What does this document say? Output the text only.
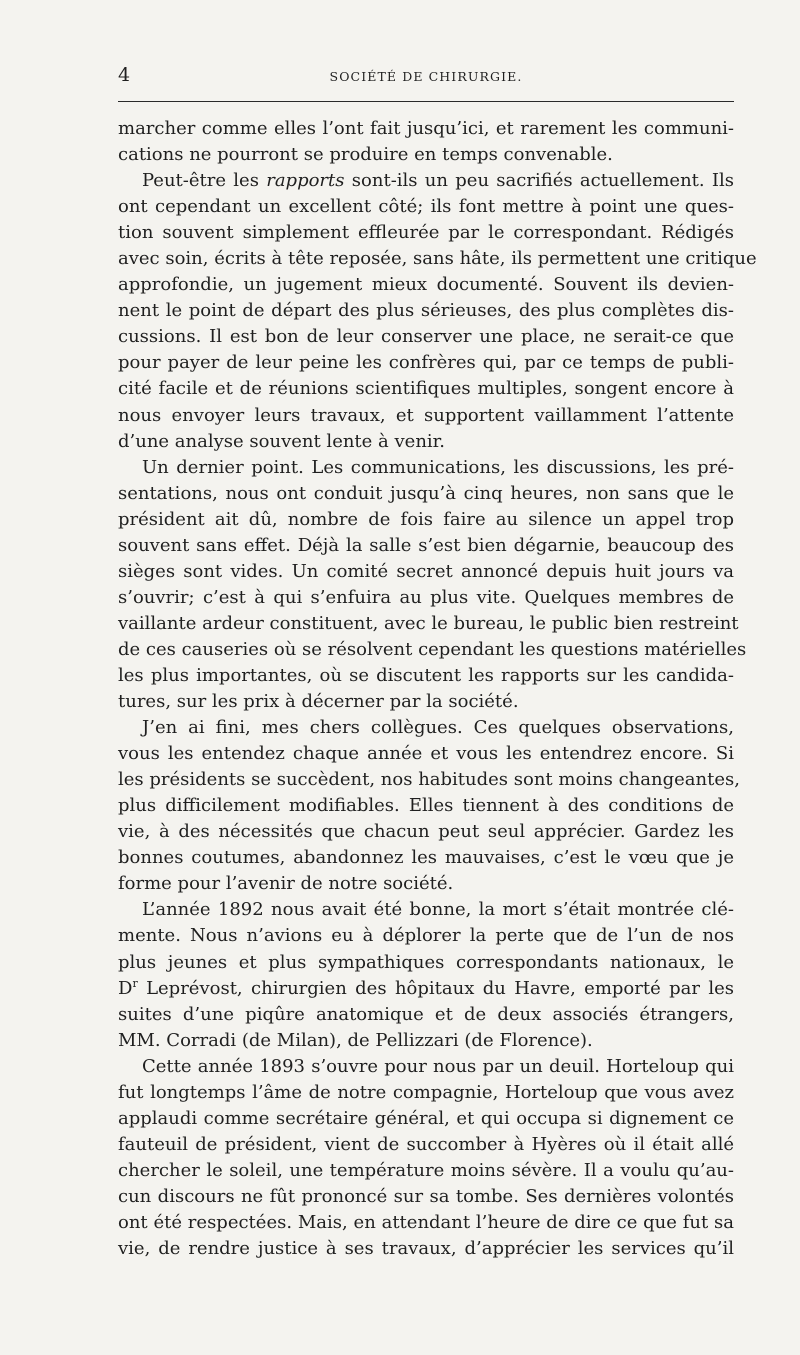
4	SOCIÉTÉ DE CHIRURGIE.
marcher comme elles l’ont fait jusqu’ici, et rarement les communi-
cations ne pourront se produire en temps convenable.
Peut-être les rapports sont-ils un peu sacrifiés actuellement. Ils
ont cependant un excellent côté; ils font mettre à point une ques-
tion souvent simplement effleurée par le correspondant. Rédigés
avec soin, écrits à tête reposée, sans hâte, ils permettent une critique
approfondie, un jugement mieux documenté. Souvent ils devien-
nent le point de départ des plus sérieuses, des plus complètes dis-
cussions. Il est bon de leur conserver une place, ne serait-ce que
pour payer de leur peine les confrères qui, par ce temps de publi-
cité facile et de réunions scientifiques multiples, songent encore à
nous envoyer leurs travaux, et supportent vaillamment l’attente
d’une analyse souvent lente à venir.
Un dernier point. Les communications, les discussions, les pré-
sentations, nous ont conduit jusqu’à cinq heures, non sans que le
président ait dû, nombre de fois faire au silence un appel trop
souvent sans effet. Déjà la salle s’est bien dégarnie, beaucoup des
sièges sont vides. Un comité secret annoncé depuis huit jours va
s’ouvrir; c’est à qui s’enfuira au plus vite. Quelques membres de
vaillante ardeur constituent, avec le bureau, le public bien restreint
de ces causeries où se résolvent cependant les questions matérielles
les plus importantes, où se discutent les rapports sur les candida-
tures, sur les prix à décerner par la société.
J’en ai fini, mes chers collègues. Ces quelques observations,
vous les entendez chaque année et vous les entendrez encore. Si
les présidents se succèdent, nos habitudes sont moins changeantes,
plus difficilement modifiables. Elles tiennent à des conditions de
vie, à des nécessités que chacun peut seul apprécier. Gardez les
bonnes coutumes, abandonnez les mauvaises, c’est le vœu que je
forme pour l’avenir de notre société.
L’année 1892 nous avait été bonne, la mort s’était montrée clé-
mente. Nous n’avions eu à déplorer la perte que de l’un de nos
plus jeunes et plus sympathiques correspondants nationaux, le
$D^r$ Leprévost, chirurgien des hôpitaux du Havre, emporté par les
suites d’une piqûre anatomique et de deux associés étrangers,
MM. Corradi (de Milan), de Pellizzari (de Florence).
Cette année 1893 s’ouvre pour nous par un deuil. Horteloup qui
fut longtemps l’âme de notre compagnie, Horteloup que vous avez
applaudi comme secrétaire général, et qui occupa si dignement ce
fauteuil de président, vient de succomber à Hyères où il était allé
chercher le soleil, une température moins sévère. Il a voulu qu’au-
cun discours ne fût prononcé sur sa tombe. Ses dernières volontés
ont été respectées. Mais, en attendant l’heure de dire ce que fut sa
vie, de rendre justice à ses travaux, d’apprécier les services qu’il
